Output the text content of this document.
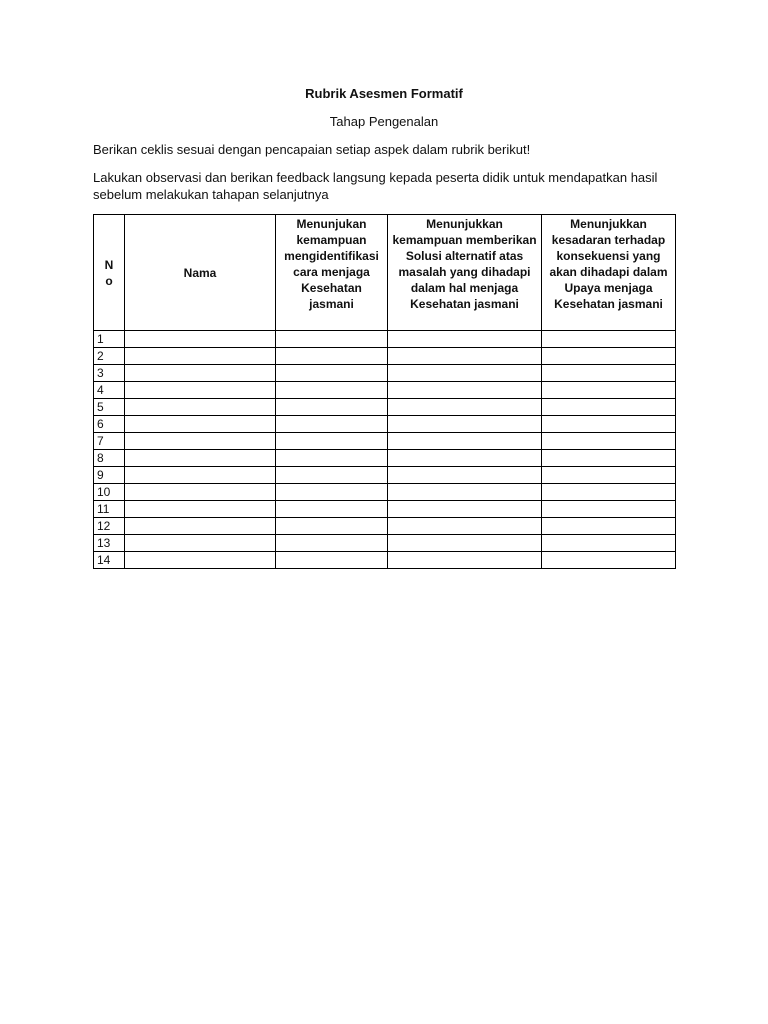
Rubrik Asesmen Formatif
Tahap Pengenalan
Berikan ceklis sesuai dengan pencapaian setiap aspek dalam rubrik berikut!
Lakukan observasi dan berikan feedback langsung kepada peserta didik untuk mendapatkan hasil sebelum melakukan tahapan selanjutnya
No	Nama	Menunjukan kemampuan mengidentifikasi cara menjaga Kesehatan jasmani	Menunjukkan kemampuan memberikan Solusi alternatif atas masalah yang dihadapi dalam hal menjaga Kesehatan jasmani	Menunjukkan kesadaran terhadap konsekuensi yang akan dihadapi dalam Upaya menjaga Kesehatan jasmani
1				
2				
3				
4				
5				
6				
7				
8				
9				
10				
11				
12				
13				
14				
